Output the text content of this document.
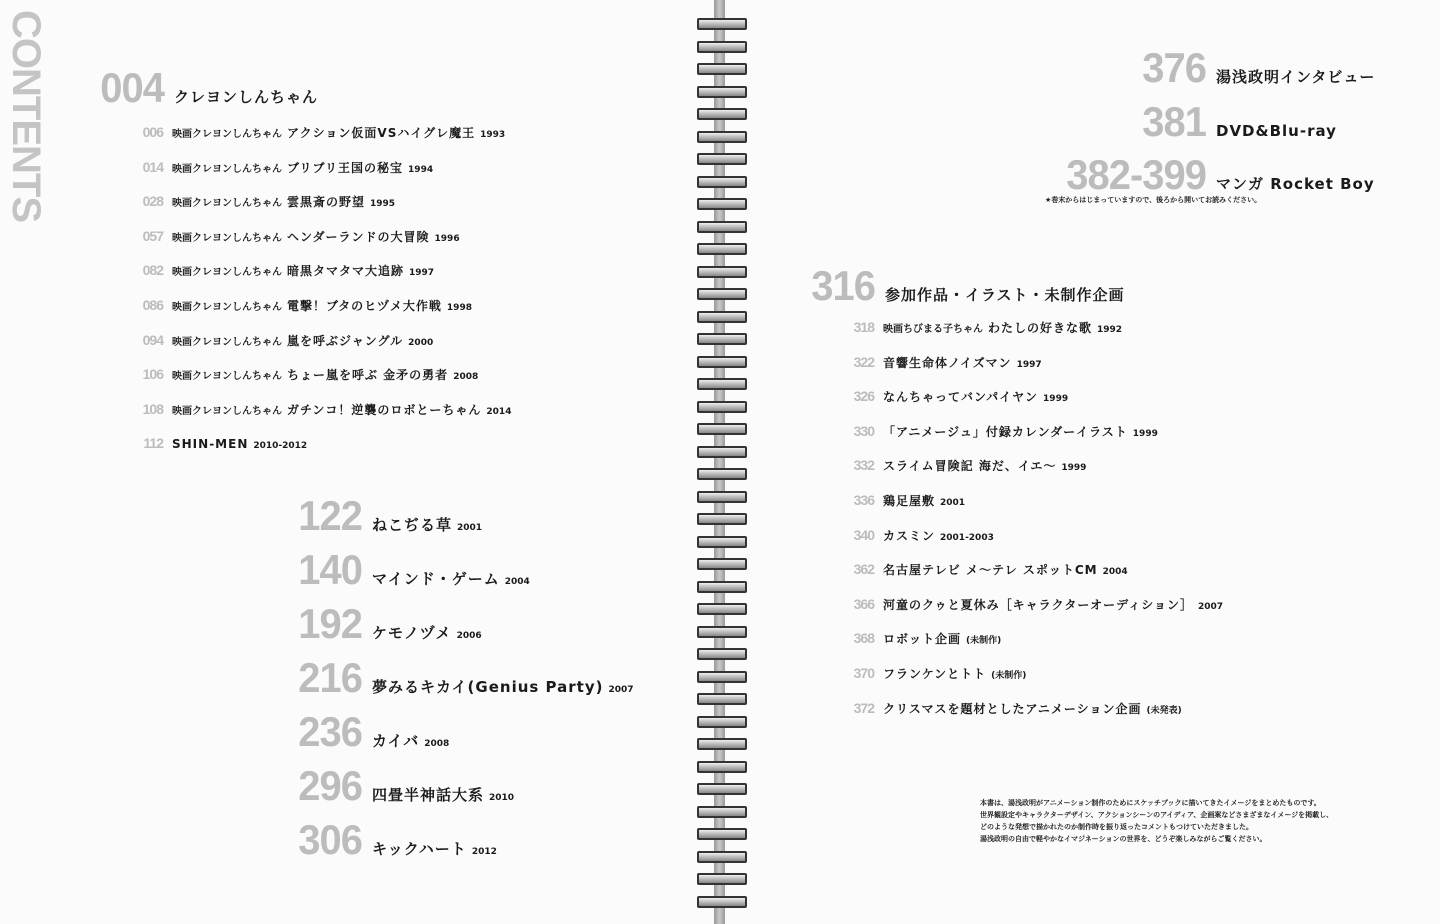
CONTENTS 004 クレヨンしんちゃん
006 映画クレヨンしんちゃん アクション仮面VSハイグレ魔王 1993
014 映画クレヨンしんちゃん ブリブリ王国の秘宝 1994
028 映画クレヨンしんちゃん 雲黒斎の野望 1995
057 映画クレヨンしんちゃん ヘンダーランドの大冒険 1996
082 映画クレヨンしんちゃん 暗黒タマタマ大追跡 1997
086 映画クレヨンしんちゃん 電撃！ブタのヒヅメ大作戦 1998
094 映画クレヨンしんちゃん 嵐を呼ぶジャングル 2000
106 映画クレヨンしんちゃん ちょー嵐を呼ぶ 金矛の勇者 2008
108 映画クレヨンしんちゃん ガチンコ！逆襲のロボとーちゃん 2014
112 SHIN-MEN 2010-2012
122 ねこぢる草 2001
140 マインド・ゲーム 2004
192 ケモノヅメ 2006
216 夢みるキカイ(Genius Party) 2007
236 カイバ 2008
296 四畳半神話大系 2010
306 キックハート 2012
376 湯浅政明インタビュー
381 DVD&Blu-ray
382-399 マンガ Rocket Boy
316 参加作品・イラスト・未制作企画
318 映画ちびまる子ちゃん わたしの好きな歌 1992
322 音響生命体ノイズマン 1997
326 なんちゃってバンパイヤン 1999
330 「アニメージュ」付録カレンダーイラスト 1999
332 スライム冒険記 海だ、イエ〜 1999
336 鶏足屋敷 2001
340 カスミン 2001-2003
362 名古屋テレビ メ〜テレ スポットCM 2004
366 河童のクゥと夏休み［キャラクターオーディション］ 2007
368 ロボット企画 (未制作)
370 フランケンとトト (未制作)
372 クリスマスを題材としたアニメーション企画 (未発表)
★巻末からはじまっていますので、後ろから開いてお読みください。
本書は、湯浅政明がアニメーション制作のためにスケッチブックに描いてきたイメージをまとめたものです。
世界観設定やキャラクターデザイン、アクションシーンのアイディア、企画案などさまざまなイメージを掲載し、
どのような発想で描かれたのか制作時を振り返ったコメントもつけていただきました。
湯浅政明の自由で軽やかなイマジネーションの世界を、どうぞ楽しみながらご覧ください。
